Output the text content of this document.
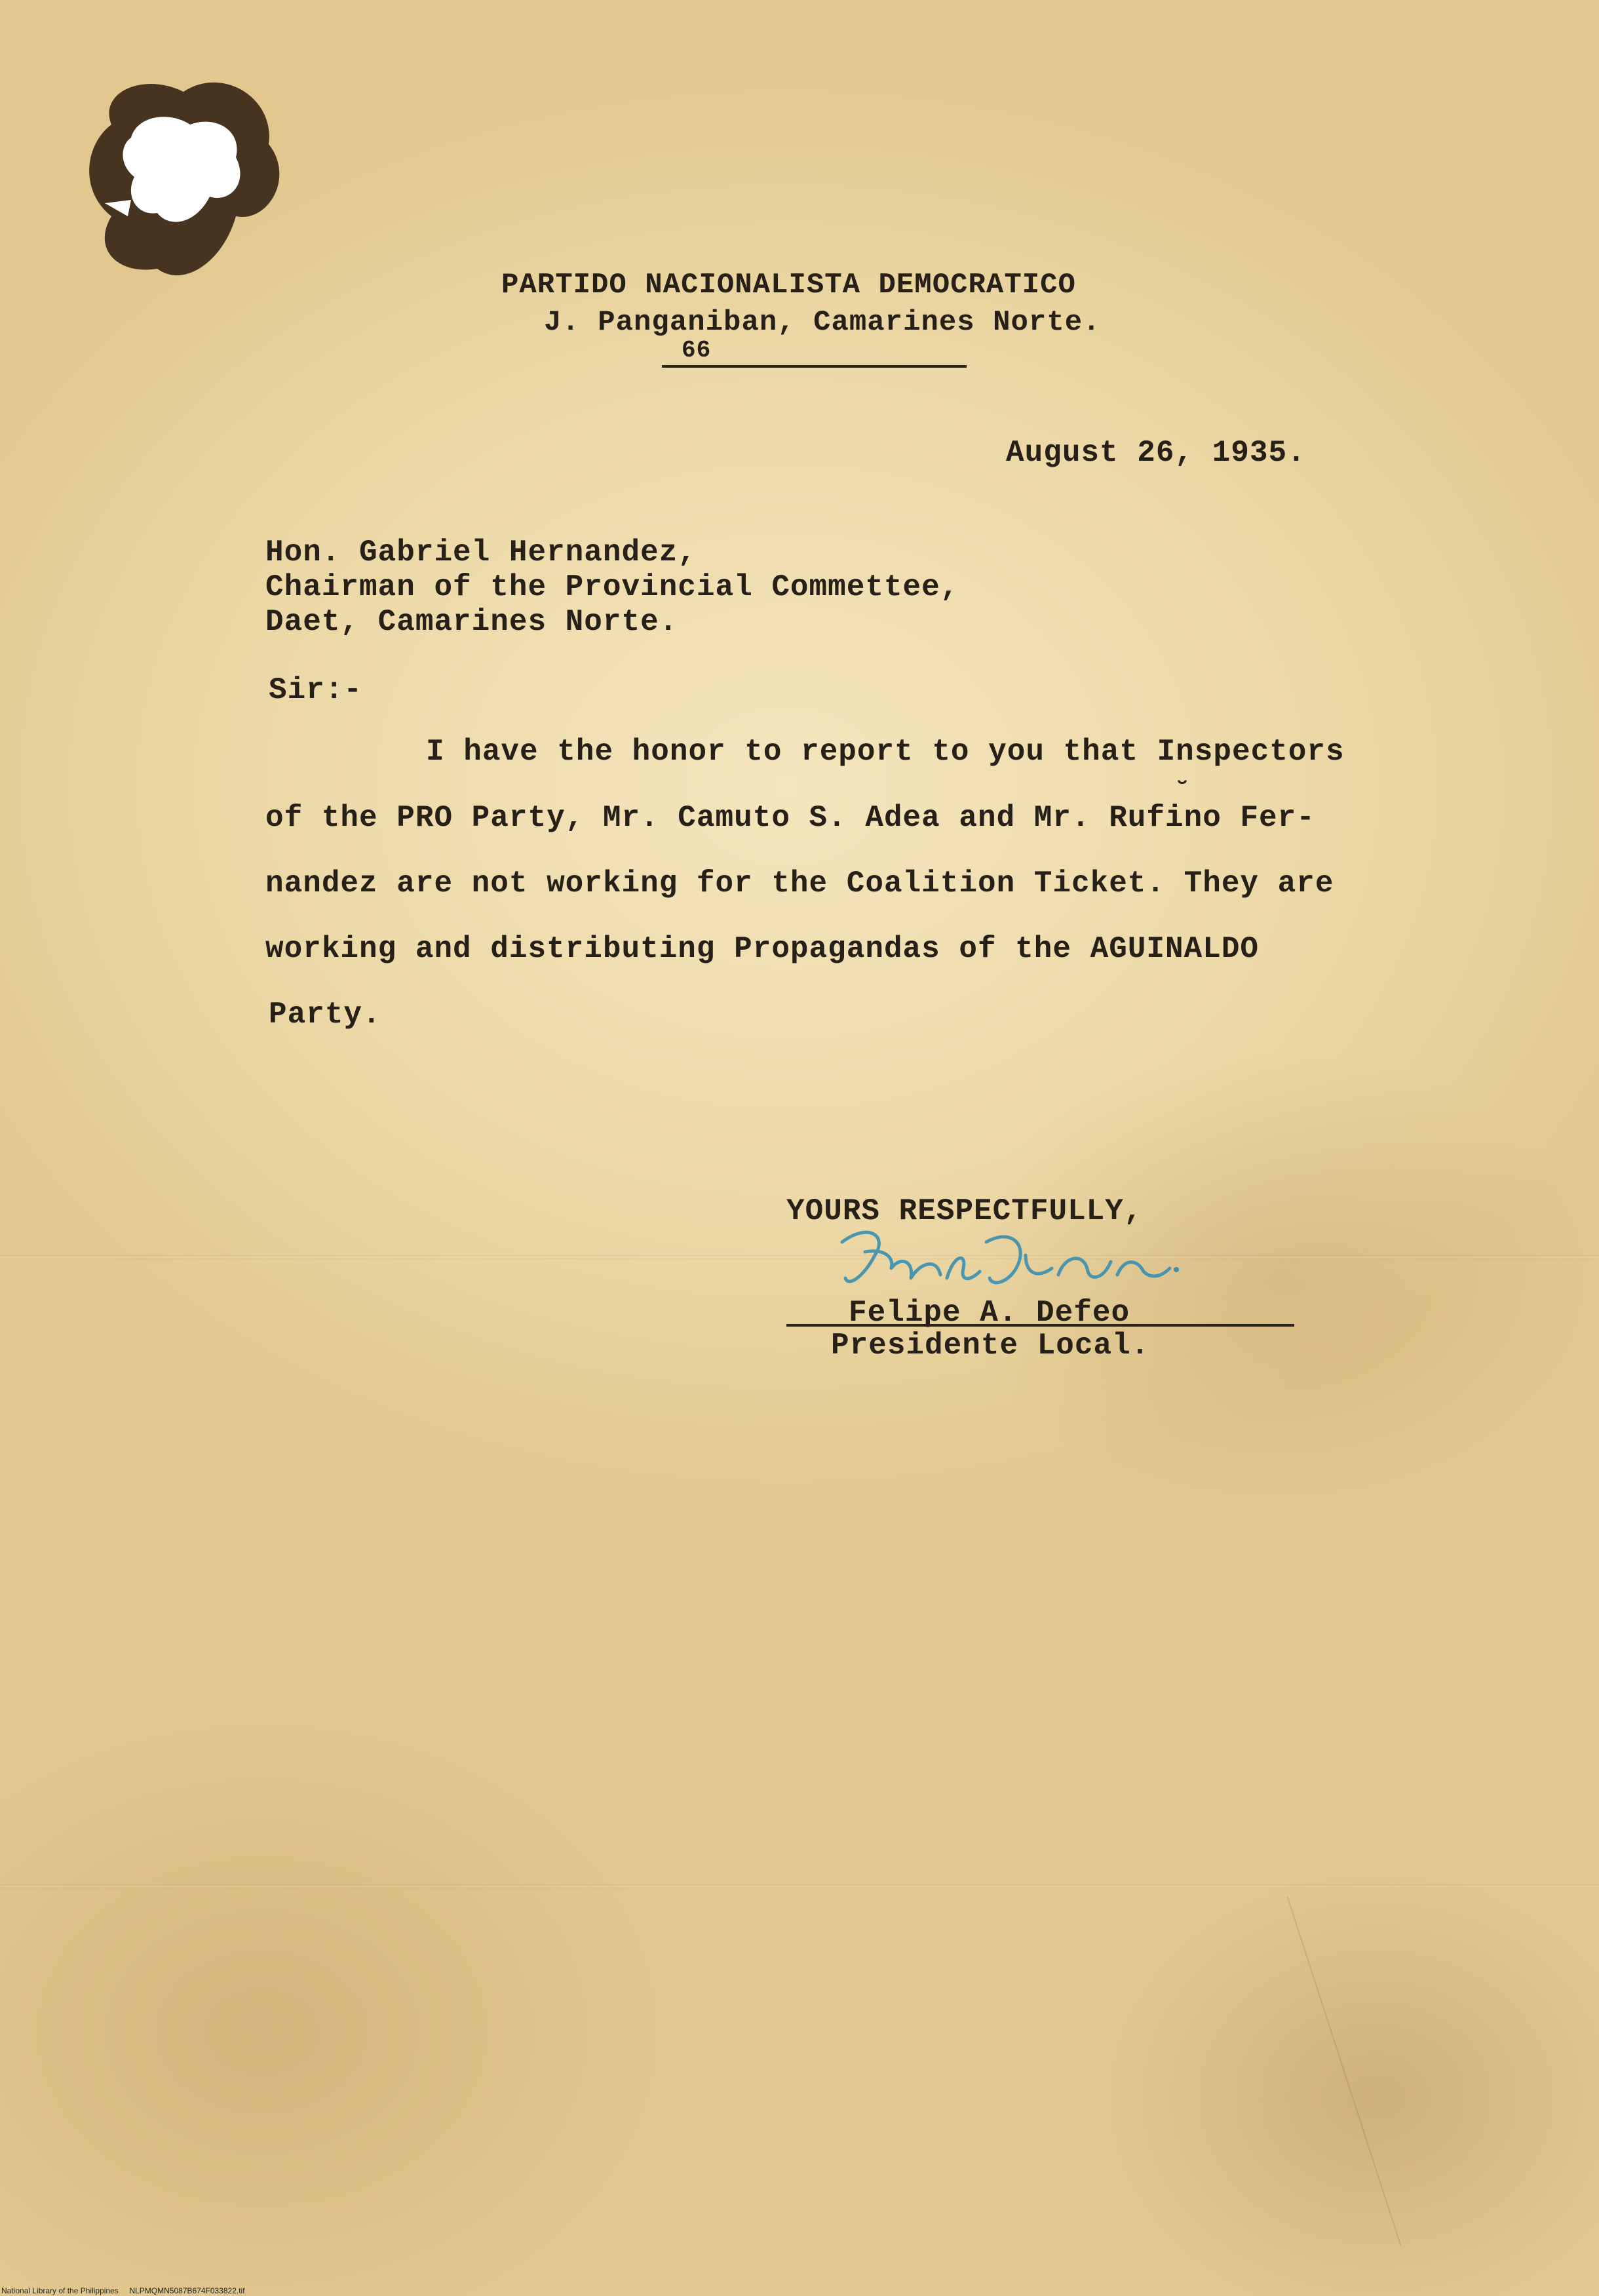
PARTIDO NACIONALISTA DEMOCRATICO
J. Panganiban, Camarines Norte.
66
August 26, 1935.
Hon. Gabriel Hernandez,
Chairman of the Provincial Commettee,
Daet, Camarines Norte.
Sir:-
I have the honor to report to you that Inspectors
˘
of the PRO Party, Mr. Camuto S. Adea and Mr. Rufino Fer-
nandez are not working for the Coalition Ticket. They are
working and distributing Propagandas of the AGUINALDO
Party.
YOURS RESPECTFULLY,
Felipe A. Defeo
Presidente Local.
National Library of the Philippines     NLPMQMN5087B674F033822.tif
